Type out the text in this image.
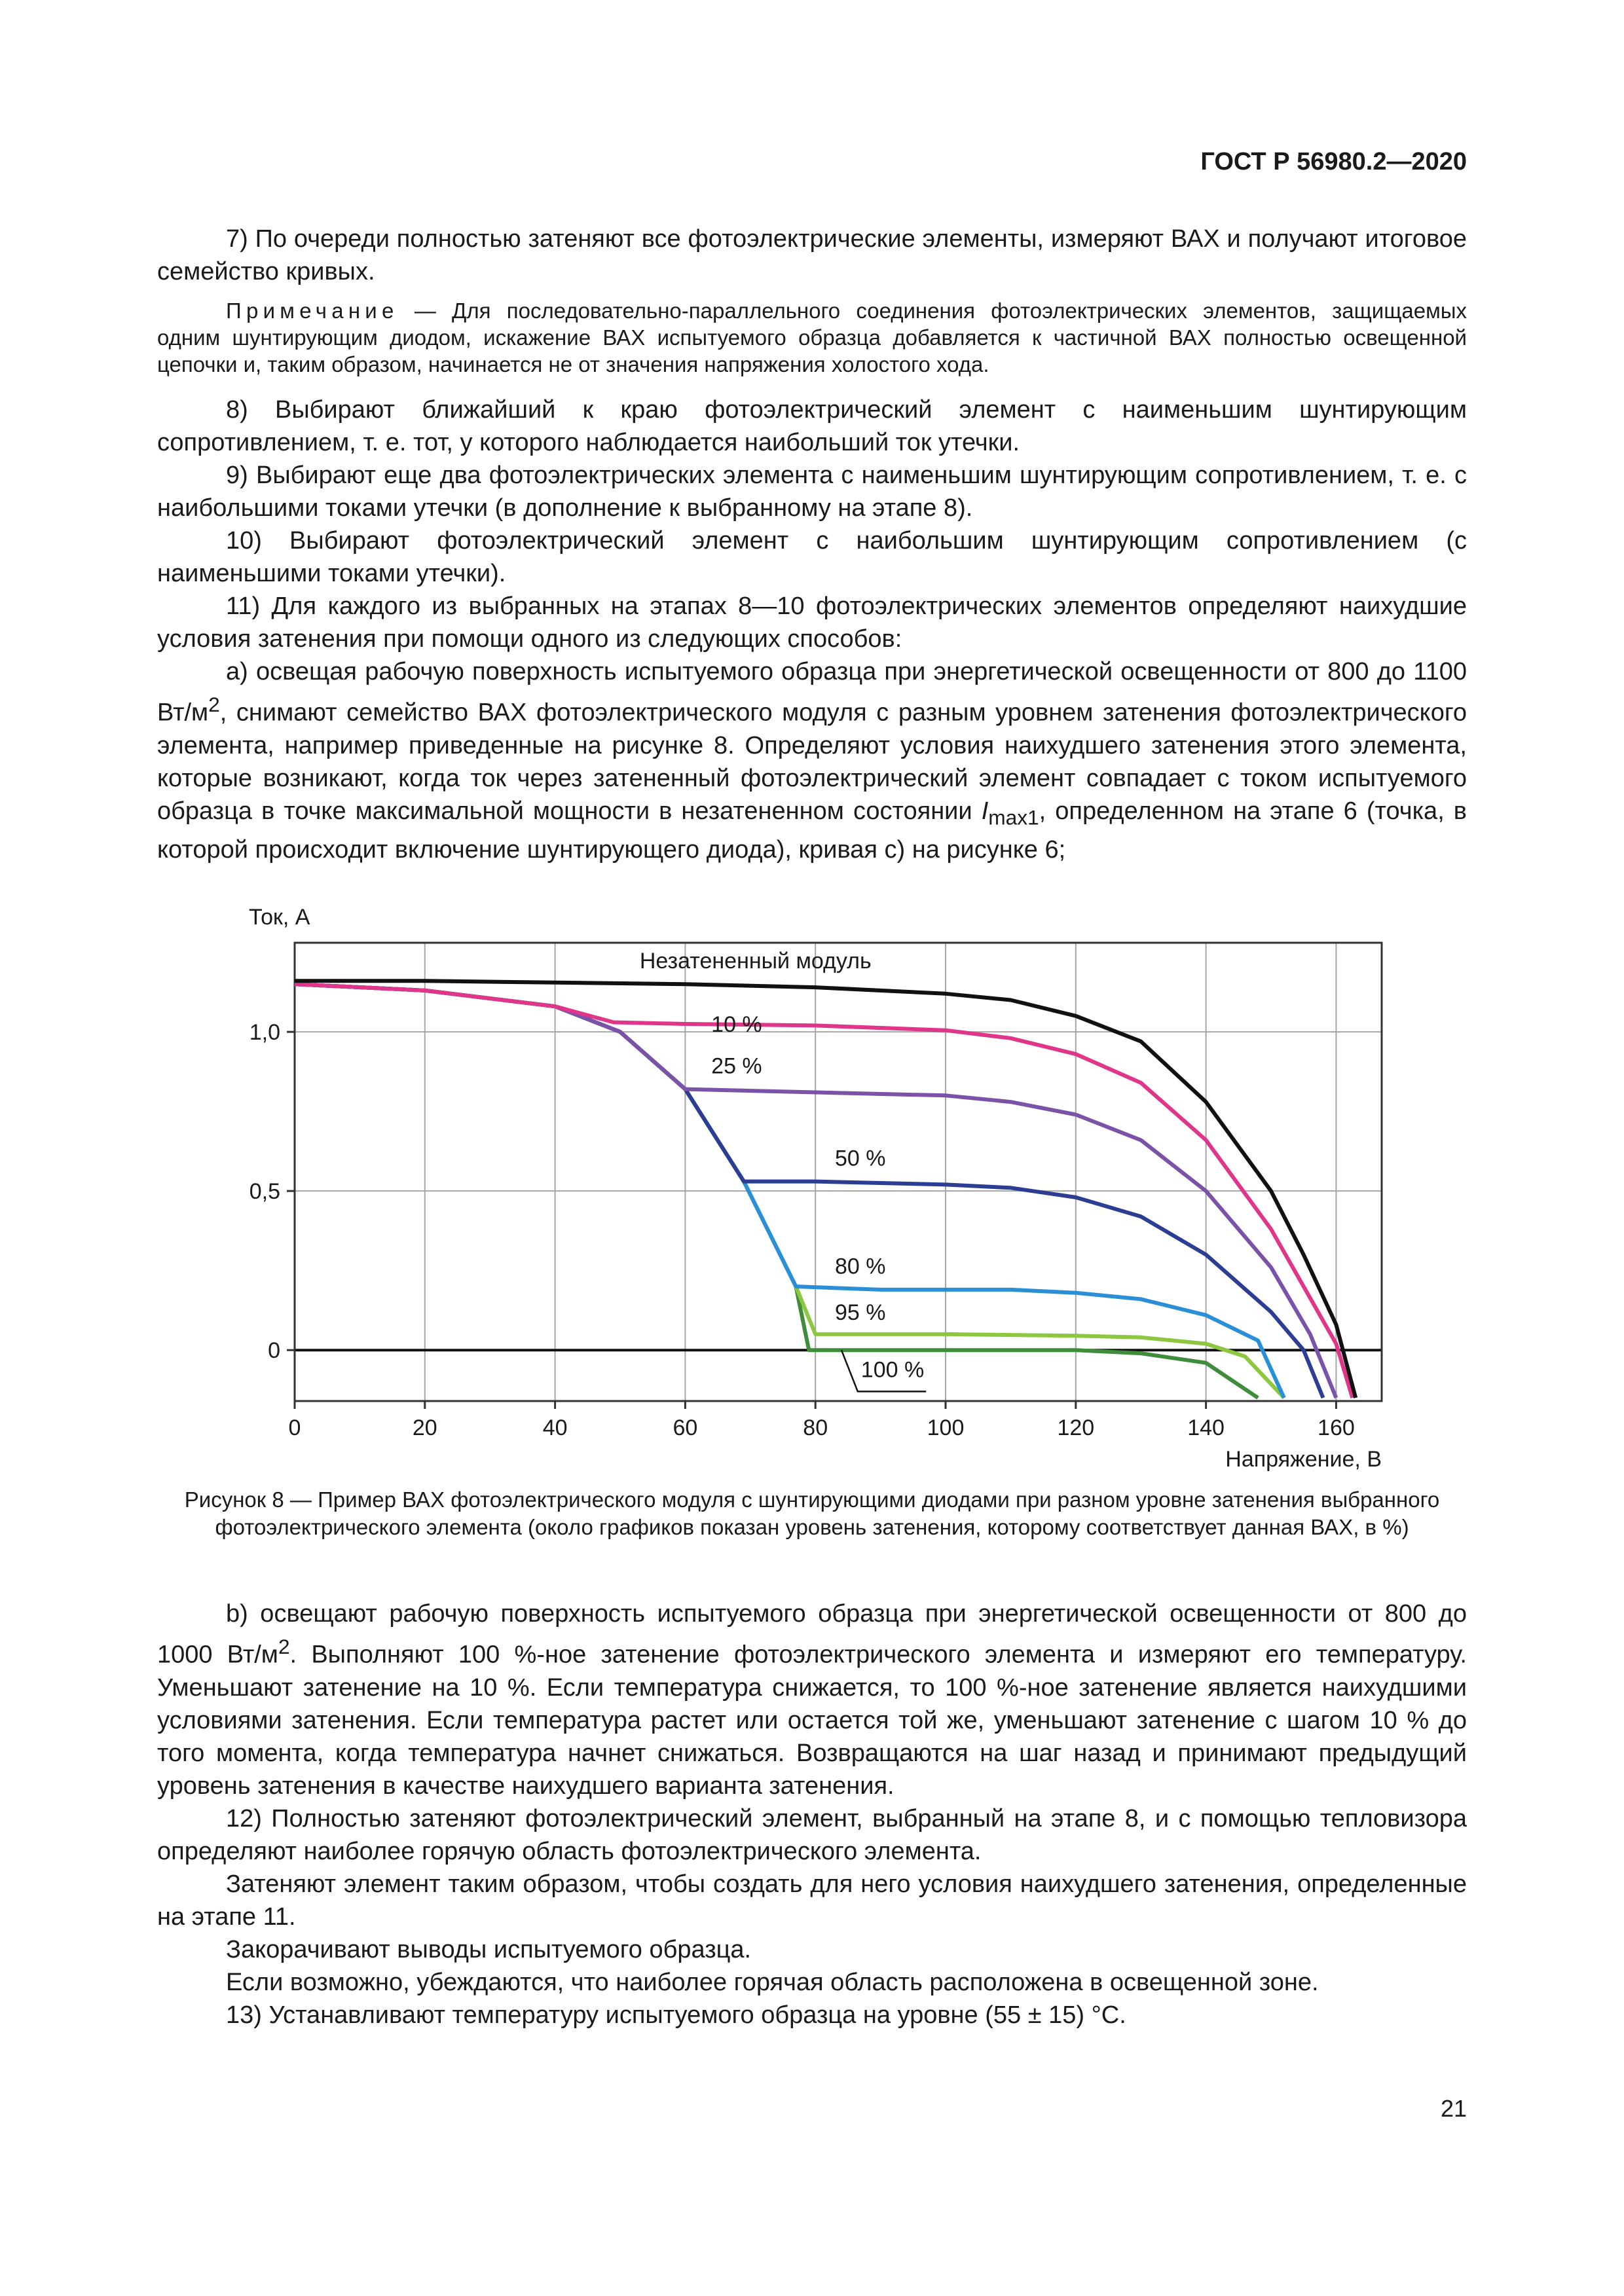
ГОСТ Р 56980.2—2020

7) По очереди полностью затеняют все фотоэлектрические элементы, измеряют ВАХ и получают итоговое семейство кривых.

Примечание — Для последовательно-параллельного соединения фотоэлектрических элементов, защищаемых одним шунтирующим диодом, искажение ВАХ испытуемого образца добавляется к частичной ВАХ полностью освещенной цепочки и, таким образом, начинается не от значения напряжения холостого хода.

8) Выбирают ближайший к краю фотоэлектрический элемент с наименьшим шунтирующим сопротивлением, т. е. тот, у которого наблюдается наибольший ток утечки.

9) Выбирают еще два фотоэлектрических элемента с наименьшим шунтирующим сопротивлением, т. е. с наибольшими токами утечки (в дополнение к выбранному на этапе 8).

10) Выбирают фотоэлектрический элемент с наибольшим шунтирующим сопротивлением (с наименьшими токами утечки).

11) Для каждого из выбранных на этапах 8—10 фотоэлектрических элементов определяют наихудшие условия затенения при помощи одного из следующих способов:

а) освещая рабочую поверхность испытуемого образца при энергетической освещенности от 800 до 1100 $Вт/м^2$, снимают семейство ВАХ фотоэлектрического модуля с разным уровнем затенения фотоэлектрического элемента, например приведенные на рисунке 8. Определяют условия наихудшего затенения этого элемента, которые возникают, когда ток через затененный фотоэлектрический элемент совпадает с током испытуемого образца в точке максимальной мощности в незатененном состоянии $I_{max1}$, определенном на этапе 6 (точка, в которой происходит включение шунтирующего диода), кривая с) на рисунке 6;

0	20	40	60	80	100	120	140	160
1,0
0,5
0
Ток, А
Напряжение, В
Незатененный модуль
10 %
25 %
50 %
80 %
95 %
100 %
Рисунок 8 — Пример ВАХ фотоэлектрического модуля с шунтирующими диодами при разном уровне затенения выбранного фотоэлектрического элемента (около графиков показан уровень затенения, которому соответствует данная ВАХ, в %)

b) освещают рабочую поверхность испытуемого образца при энергетической освещенности от 800 до 1000 $Вт/м^2$. Выполняют 100 %-ное затенение фотоэлектрического элемента и измеряют его температуру. Уменьшают затенение на 10 %. Если температура снижается, то 100 %-ное затенение является наихудшими условиями затенения. Если температура растет или остается той же, уменьшают затенение с шагом 10 % до того момента, когда температура начнет снижаться. Возвращаются на шаг назад и принимают предыдущий уровень затенения в качестве наихудшего варианта затенения.

12) Полностью затеняют фотоэлектрический элемент, выбранный на этапе 8, и с помощью тепловизора определяют наиболее горячую область фотоэлектрического элемента.

Затеняют элемент таким образом, чтобы создать для него условия наихудшего затенения, определенные на этапе 11.

Закорачивают выводы испытуемого образца.

Если возможно, убеждаются, что наиболее горячая область расположена в освещенной зоне.

13) Устанавливают температуру испытуемого образца на уровне (55 ± 15) °C.

21
